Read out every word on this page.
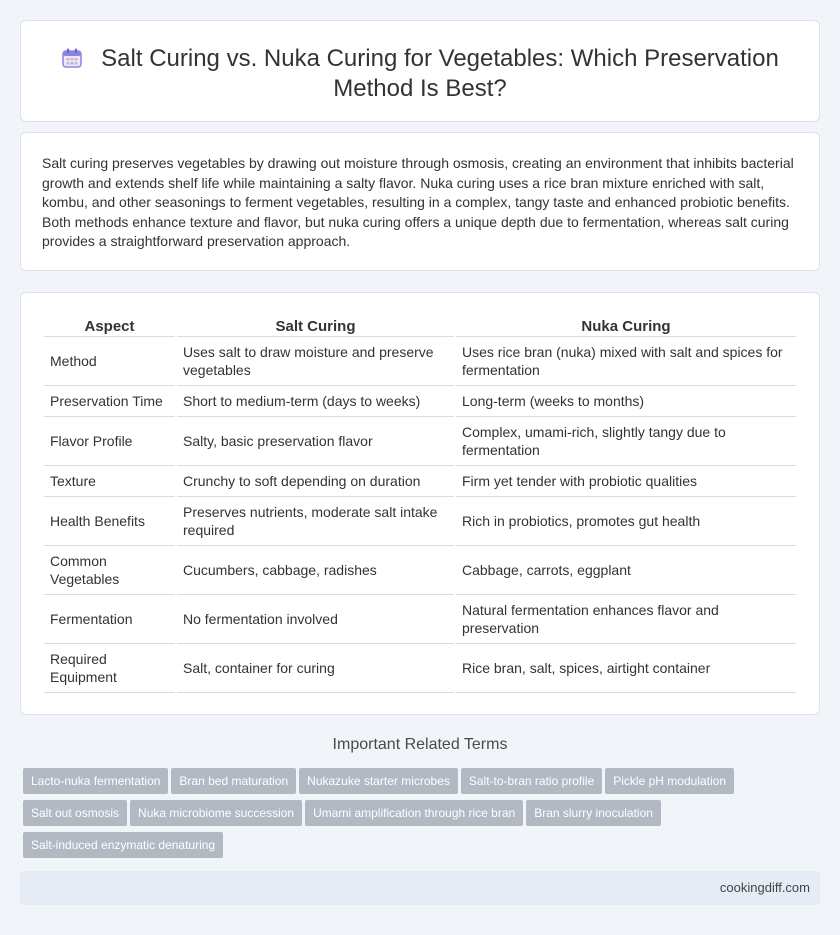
Salt Curing vs. Nuka Curing for Vegetables: Which Preservation Method Is Best?

Salt curing preserves vegetables by drawing out moisture through osmosis, creating an environment that inhibits bacterial growth and extends shelf life while maintaining a salty flavor. Nuka curing uses a rice bran mixture enriched with salt, kombu, and other seasonings to ferment vegetables, resulting in a complex, tangy taste and enhanced probiotic benefits. Both methods enhance texture and flavor, but nuka curing offers a unique depth due to fermentation, whereas salt curing provides a straightforward preservation approach.

Aspect	Salt Curing	Nuka Curing
Method	Uses salt to draw moisture and preserve vegetables	Uses rice bran (nuka) mixed with salt and spices for fermentation
Preservation Time	Short to medium-term (days to weeks)	Long-term (weeks to months)
Flavor Profile	Salty, basic preservation flavor	Complex, umami-rich, slightly tangy due to fermentation
Texture	Crunchy to soft depending on duration	Firm yet tender with probiotic qualities
Health Benefits	Preserves nutrients, moderate salt intake required	Rich in probiotics, promotes gut health
Common Vegetables	Cucumbers, cabbage, radishes	Cabbage, carrots, eggplant
Fermentation	No fermentation involved	Natural fermentation enhances flavor and preservation
Required Equipment	Salt, container for curing	Rice bran, salt, spices, airtight container
Important Related Terms
Lacto-nuka fermentation Bran bed maturation Nukazuke starter microbes Salt-to-bran ratio profile Pickle pH modulation
Salt out osmosis Nuka microbiome succession Umami amplification through rice bran Bran slurry inoculation
Salt-induced enzymatic denaturing
cookingdiff.com
